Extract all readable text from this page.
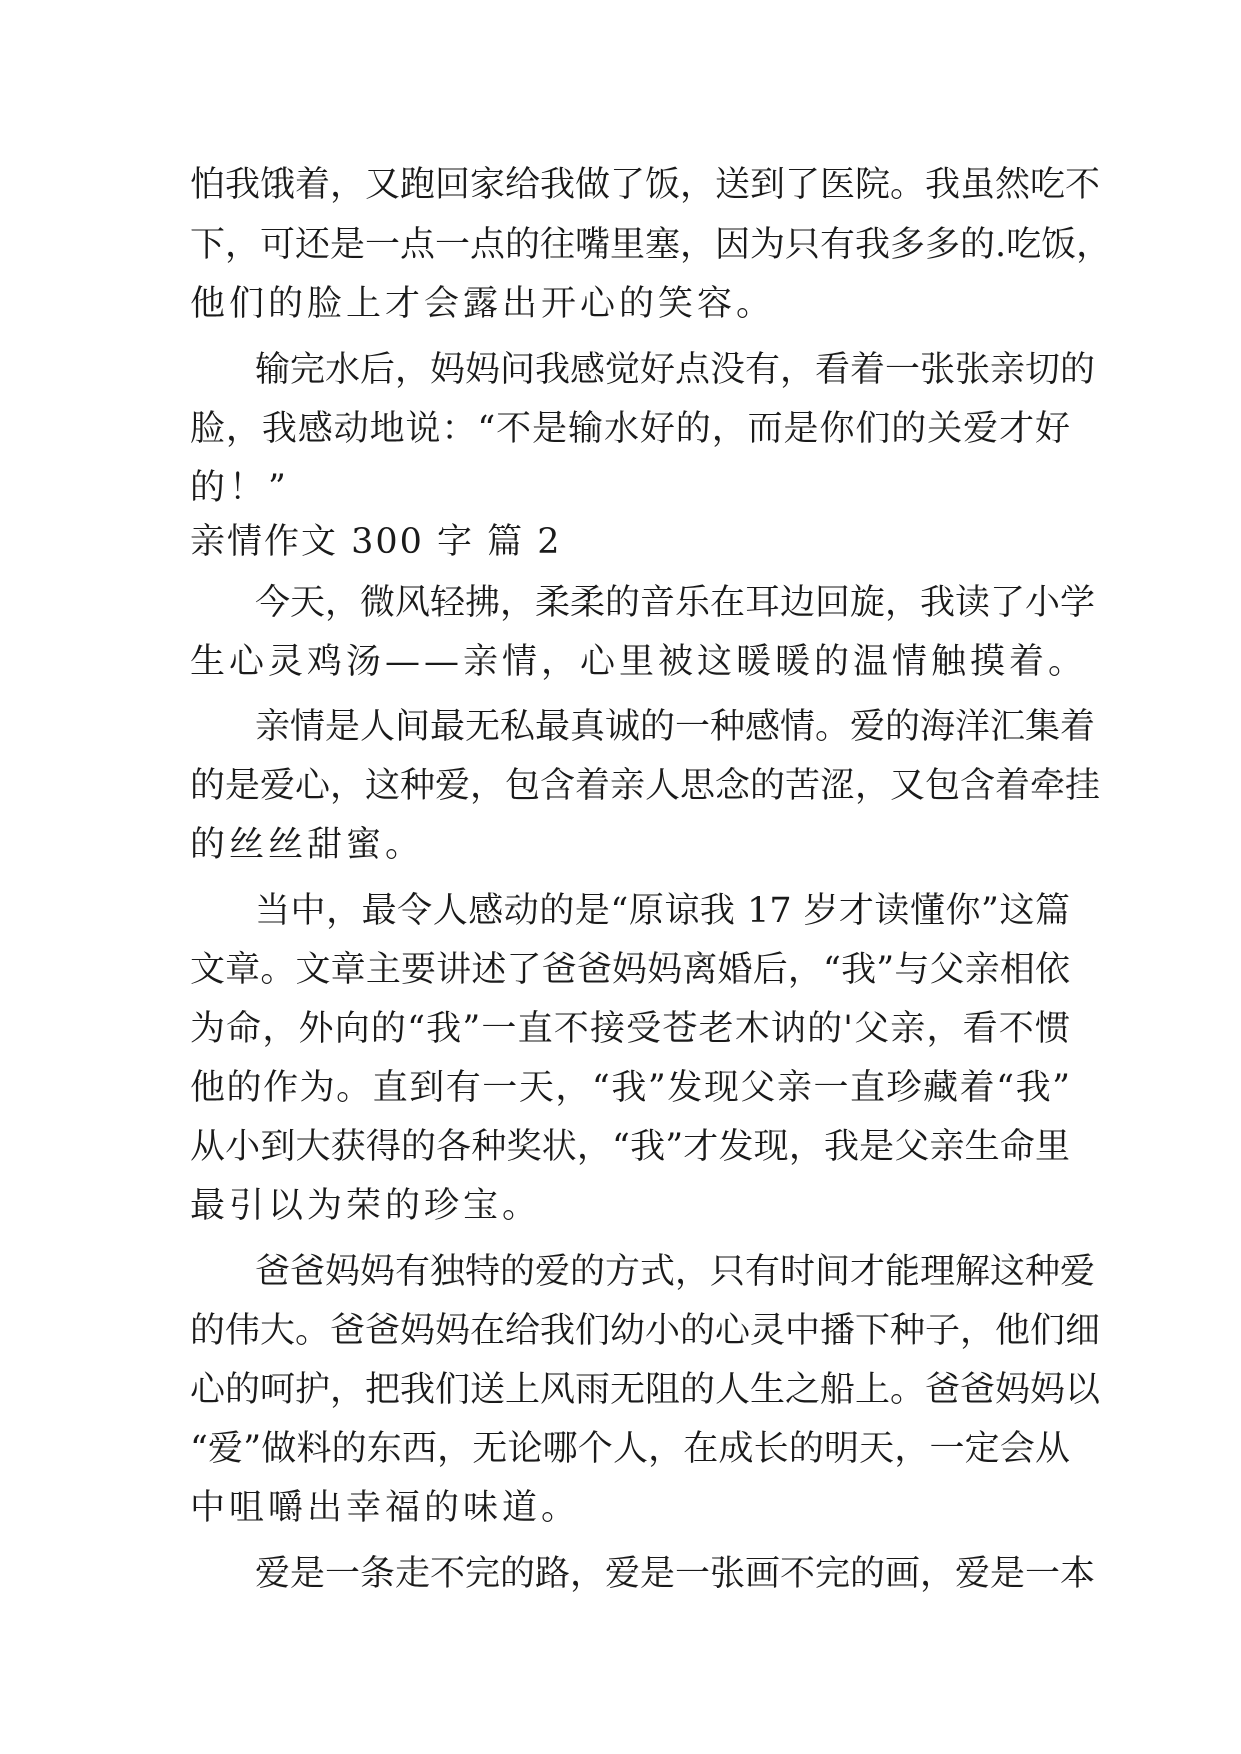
怕我饿着，又跑回家给我做了饭，送到了医院。我虽然吃不
下，可还是一点一点的往嘴里塞，因为只有我多多的.吃饭，
他们的脸上才会露出开心的笑容。
输完水后，妈妈问我感觉好点没有，看着一张张亲切的
脸，我感动地说：“不是输水好的，而是你们的关爱才好
的！”
亲情作文 300 字 篇 2
今天，微风轻拂，柔柔的音乐在耳边回旋，我读了小学
生心灵鸡汤——亲情，心里被这暖暖的温情触摸着。
亲情是人间最无私最真诚的一种感情。爱的海洋汇集着
的是爱心，这种爱，包含着亲人思念的苦涩，又包含着牵挂
的丝丝甜蜜。
当中，最令人感动的是“原谅我 17 岁才读懂你”这篇
文章。文章主要讲述了爸爸妈妈离婚后，“我”与父亲相依
为命，外向的“我”一直不接受苍老木讷的'父亲，看不惯
他的作为。直到有一天，“我”发现父亲一直珍藏着“我”
从小到大获得的各种奖状，“我”才发现，我是父亲生命里
最引以为荣的珍宝。
爸爸妈妈有独特的爱的方式，只有时间才能理解这种爱
的伟大。爸爸妈妈在给我们幼小的心灵中播下种子，他们细
心的呵护，把我们送上风雨无阻的人生之船上。爸爸妈妈以
“爱”做料的东西，无论哪个人，在成长的明天，一定会从
中咀嚼出幸福的味道。
爱是一条走不完的路，爱是一张画不完的画，爱是一本
